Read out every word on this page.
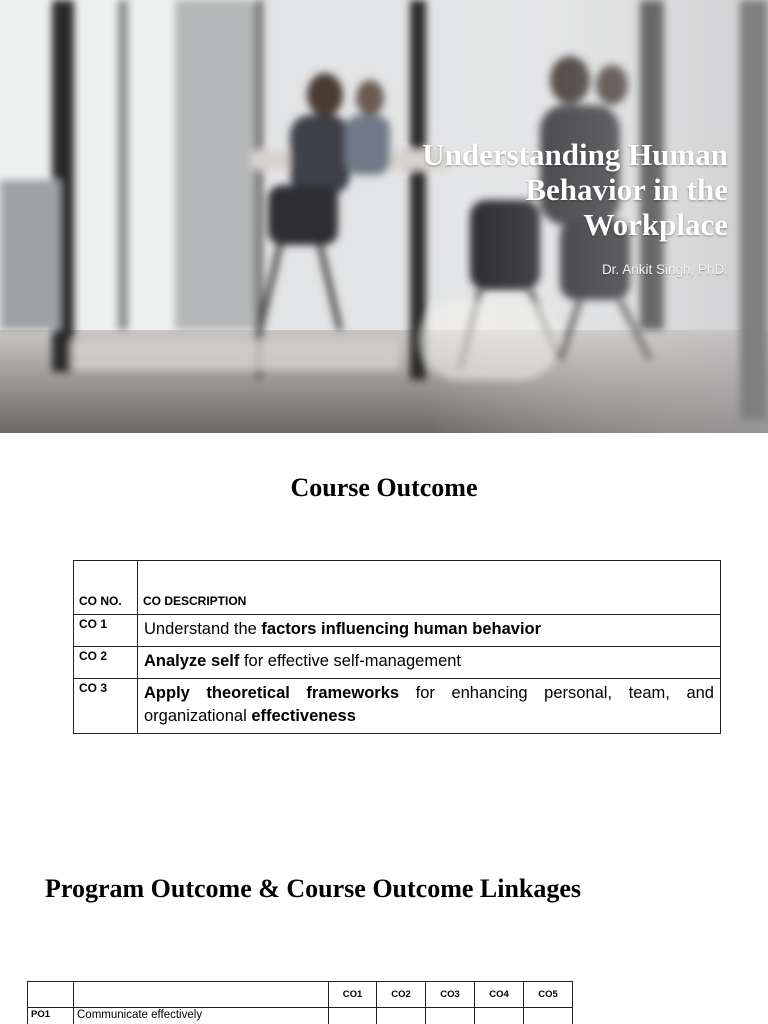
Understanding Human Behavior in the Workplace
Dr. Ankit Singh, PhD.
Course Outcome
CO NO.	CO DESCRIPTION
CO 1	Understand the factors influencing human behavior
CO 2	Analyze self for effective self-management
CO 3	Apply theoretical frameworks for enhancing personal, team, and organizational effectiveness
Program Outcome & Course Outcome Linkages
		CO1	CO2	CO3	CO4	CO5
PO1	Communicate effectively					
